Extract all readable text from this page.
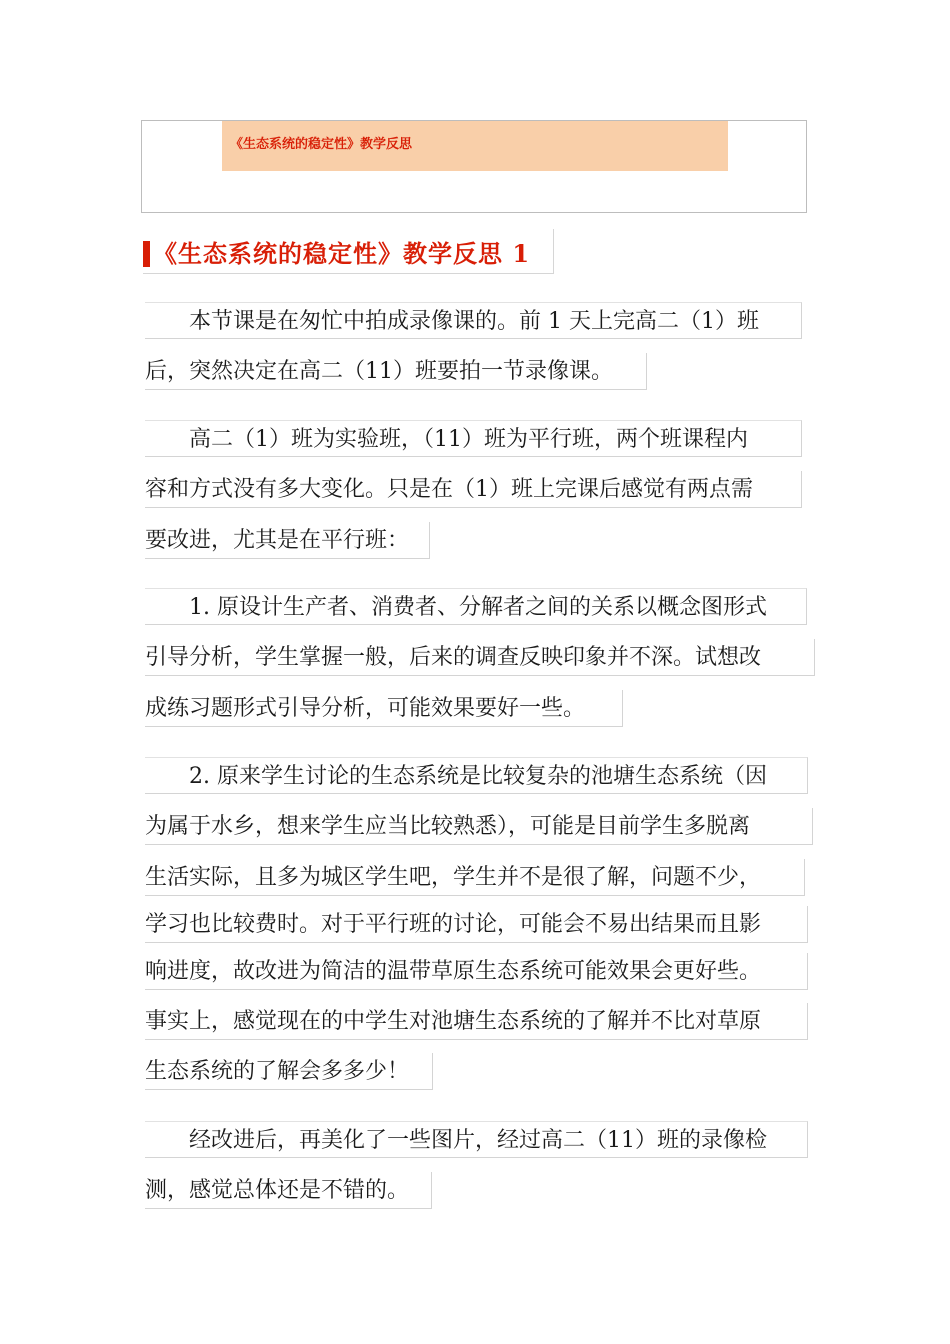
《生态系统的稳定性》教学反思
《生态系统的稳定性》教学反思 1
本节课是在匆忙中拍成录像课的。前 1 天上完高二（1）班
后，突然决定在高二（11）班要拍一节录像课。
高二（1）班为实验班，（11）班为平行班，两个班课程内
容和方式没有多大变化。只是在（1）班上完课后感觉有两点需
要改进，尤其是在平行班：
1. 原设计生产者、消费者、分解者之间的关系以概念图形式
引导分析，学生掌握一般，后来的调查反映印象并不深。试想改
成练习题形式引导分析，可能效果要好一些。
2. 原来学生讨论的生态系统是比较复杂的池塘生态系统（因
为属于水乡，想来学生应当比较熟悉），可能是目前学生多脱离
生活实际，且多为城区学生吧，学生并不是很了解，问题不少，
学习也比较费时。对于平行班的讨论，可能会不易出结果而且影
响进度，故改进为简洁的温带草原生态系统可能效果会更好些。
事实上，感觉现在的中学生对池塘生态系统的了解并不比对草原
生态系统的了解会多多少！
经改进后，再美化了一些图片，经过高二（11）班的录像检
测，感觉总体还是不错的。
